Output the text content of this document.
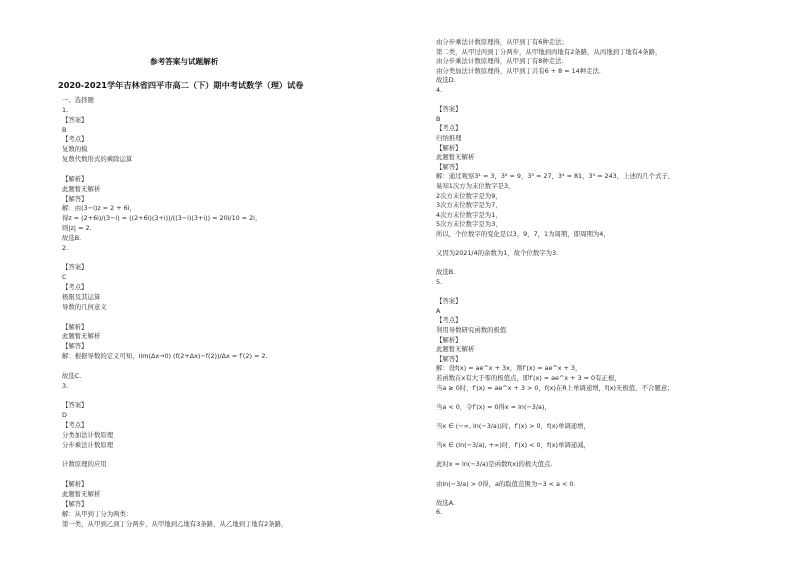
参考答案与试题解析
2020-2021学年吉林省四平市高二（下）期中考试数学（理）试卷
一、选择题
1.
【答案】
B
【考点】
复数的模
复数代数形式的乘除运算
【解析】
此题暂无解析
【解答】
解：由(3−i)z = 2 + 6i，
得z = (2+6i)/(3−i) = ((2+6i)(3+i))/((3−i)(3+i)) = 20i/10 = 2i，
则|z| = 2.
故选B.
2.
【答案】
C
【考点】
极限及其运算
导数的几何意义
【解析】
此题暂无解析
【解答】
解：根据导数的定义可知，lim(Δx→0) (f(2+Δx)−f(2))/Δx = f′(2) = 2.
故选C.
3.
【答案】
D
【考点】
分类加法计数原理
分步乘法计数原理
计数原理的应用
【解析】
此题暂无解析
【解答】
解：从甲到丁分为两类：
第一类，从甲到乙到丁分两步，从甲地到乙地有3条路，从乙地到丁地有2条路，
由分步乘法计数原理得，从甲到丁有6种走法；
第二类，从甲过丙到丁分两步，从甲地到丙地有2条路，从丙地到丁地有4条路，
由分步乘法计数原理得，从甲到丁有8种走法.
由分类加法计数原理得，从甲到丁共有6 + 8 = 14种走法.
故选D.
4.
【答案】
B
【考点】
归纳推理
【解析】
此题暂无解析
【解答】
解：通过观察3¹ = 3，3² = 9，3³ = 27，3⁴ = 81，3⁵ = 243，上述的几个式子，
易知1次方为末位数字是3，
2次方末位数字是为9，
3次方末位数字是为7，
4次方末位数字是为1，
5次方末位数字是为3，
所以，个位数字的变化是以3，9，7，1为周期，即周期为4，
又因为2021/4的余数为1，故个位数字为3.
故选B.
5.
【答案】
A
【考点】
利用导数研究函数的极值
【解析】
此题暂无解析
【解答】
解：设f(x) = ae^x + 3x，则f′(x) = ae^x + 3，
若函数在x有大于零的极值点，即f′(x) = ae^x + 3 = 0有正根，
当a ≥ 0时，f′(x) = ae^x + 3 > 0，f(x)在R上单调递增，f(x)无极值，不合题意；
当a < 0，令f′(x) = 0得x = ln(−3/a)，
当x ∈ (−∞, ln(−3/a))时，f′(x) > 0，f(x)单调递增，
当x ∈ (ln(−3/a), +∞)时，f′(x) < 0，f(x)单调递减，
此时x = ln(−3/a)是函数f(x)的极大值点.
由ln(−3/a) > 0得，a的取值范围为−3 < a < 0.
故选A.
6.
